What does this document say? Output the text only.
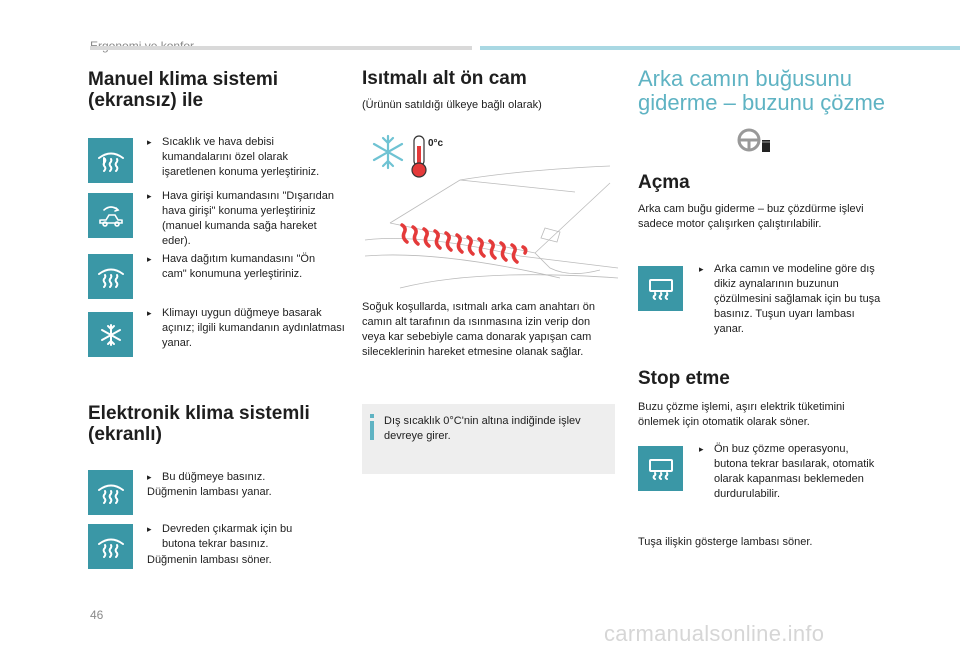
Manuel klima sistemi (ekransız) ile
▸ Sıcaklık ve hava debisi kumandalarını özel olarak işaretlenen konuma yerleştiriniz.
▸ Hava girişi kumandasını "Dışarıdan hava girişi" konuma yerleştiriniz (manuel kumanda sağa hareket eder).
▸ Hava dağıtım kumandasını "Ön cam" konumuna yerleştiriniz.
▸ Klimayı uygun düğmeye basarak açınız; ilgili kumandanın aydınlatması yanar.
Elektronik klima sistemli (ekranlı)
▸ Bu düğmeye basınız.
Düğmenin lambası yanar.
▸ Devreden çıkarmak için bu butona tekrar basınız.
Düğmenin lambası söner.
Isıtmalı alt ön cam
(Ürünün satıldığı ülkeye bağlı olarak)
0°c
Soğuk koşullarda, ısıtmalı arka cam anahtarı ön camın alt tarafının da ısınmasına izin verip don veya kar sebebiyle cama donarak yapışan cam sileceklerinin hareket etmesine olanak sağlar.
Dış sıcaklık 0°C'nin altına indiğinde işlev devreye girer.
Arka camın buğusunu giderme – buzunu çözme
Açma
Arka cam buğu giderme – buz çözdürme işlevi sadece motor çalışırken çalıştırılabilir.
▸ Arka camın ve modeline göre dış dikiz aynalarının buzunun çözülmesini sağlamak için bu tuşa basınız. Tuşun uyarı lambası yanar.
Stop etme
Buzu çözme işlemi, aşırı elektrik tüketimini önlemek için otomatik olarak söner.
▸ Ön buz çözme operasyonu, butona tekrar basılarak, otomatik olarak kapanması beklemeden durdurulabilir.
Tuşa ilişkin gösterge lambası söner.
46
carmanualsonline.info
